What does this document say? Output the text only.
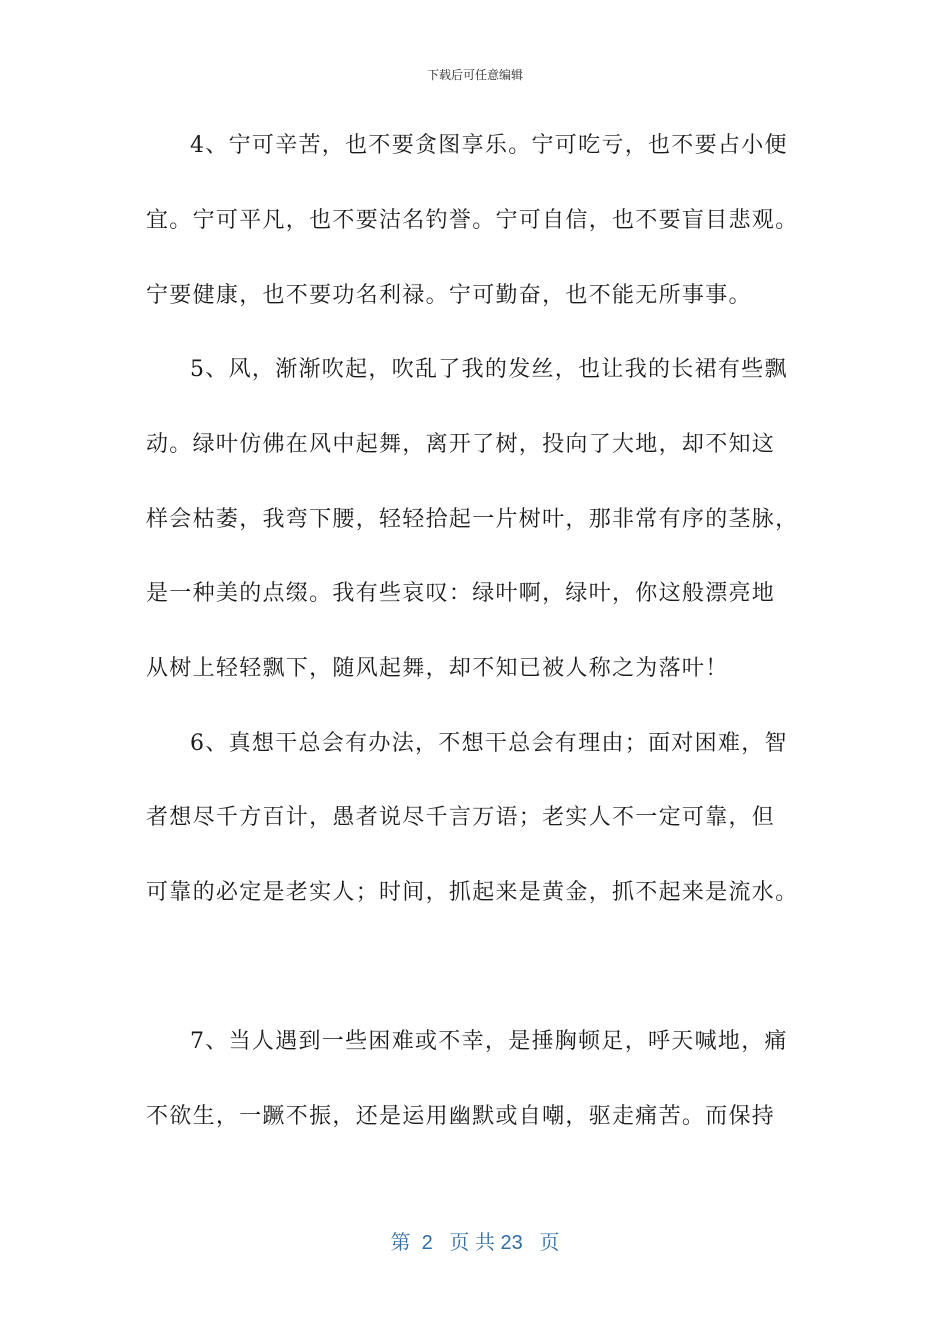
下载后可任意编辑
4、宁可辛苦，也不要贪图享乐。宁可吃亏，也不要占小便
宜。宁可平凡，也不要沽名钓誉。宁可自信，也不要盲目悲观。
宁要健康，也不要功名利禄。宁可勤奋，也不能无所事事。
5、风，渐渐吹起，吹乱了我的发丝，也让我的长裙有些飘
动。绿叶仿佛在风中起舞，离开了树，投向了大地，却不知这
样会枯萎，我弯下腰，轻轻拾起一片树叶，那非常有序的茎脉，
是一种美的点缀。我有些哀叹：绿叶啊，绿叶，你这般漂亮地
从树上轻轻飘下，随风起舞，却不知已被人称之为落叶！
6、真想干总会有办法，不想干总会有理由；面对困难，智
者想尽千方百计，愚者说尽千言万语；老实人不一定可靠，但
可靠的必定是老实人；时间，抓起来是黄金，抓不起来是流水。
7、当人遇到一些困难或不幸，是捶胸顿足，呼天喊地，痛
不欲生，一蹶不振，还是运用幽默或自嘲，驱走痛苦。而保持
第  2   页 共 23   页
